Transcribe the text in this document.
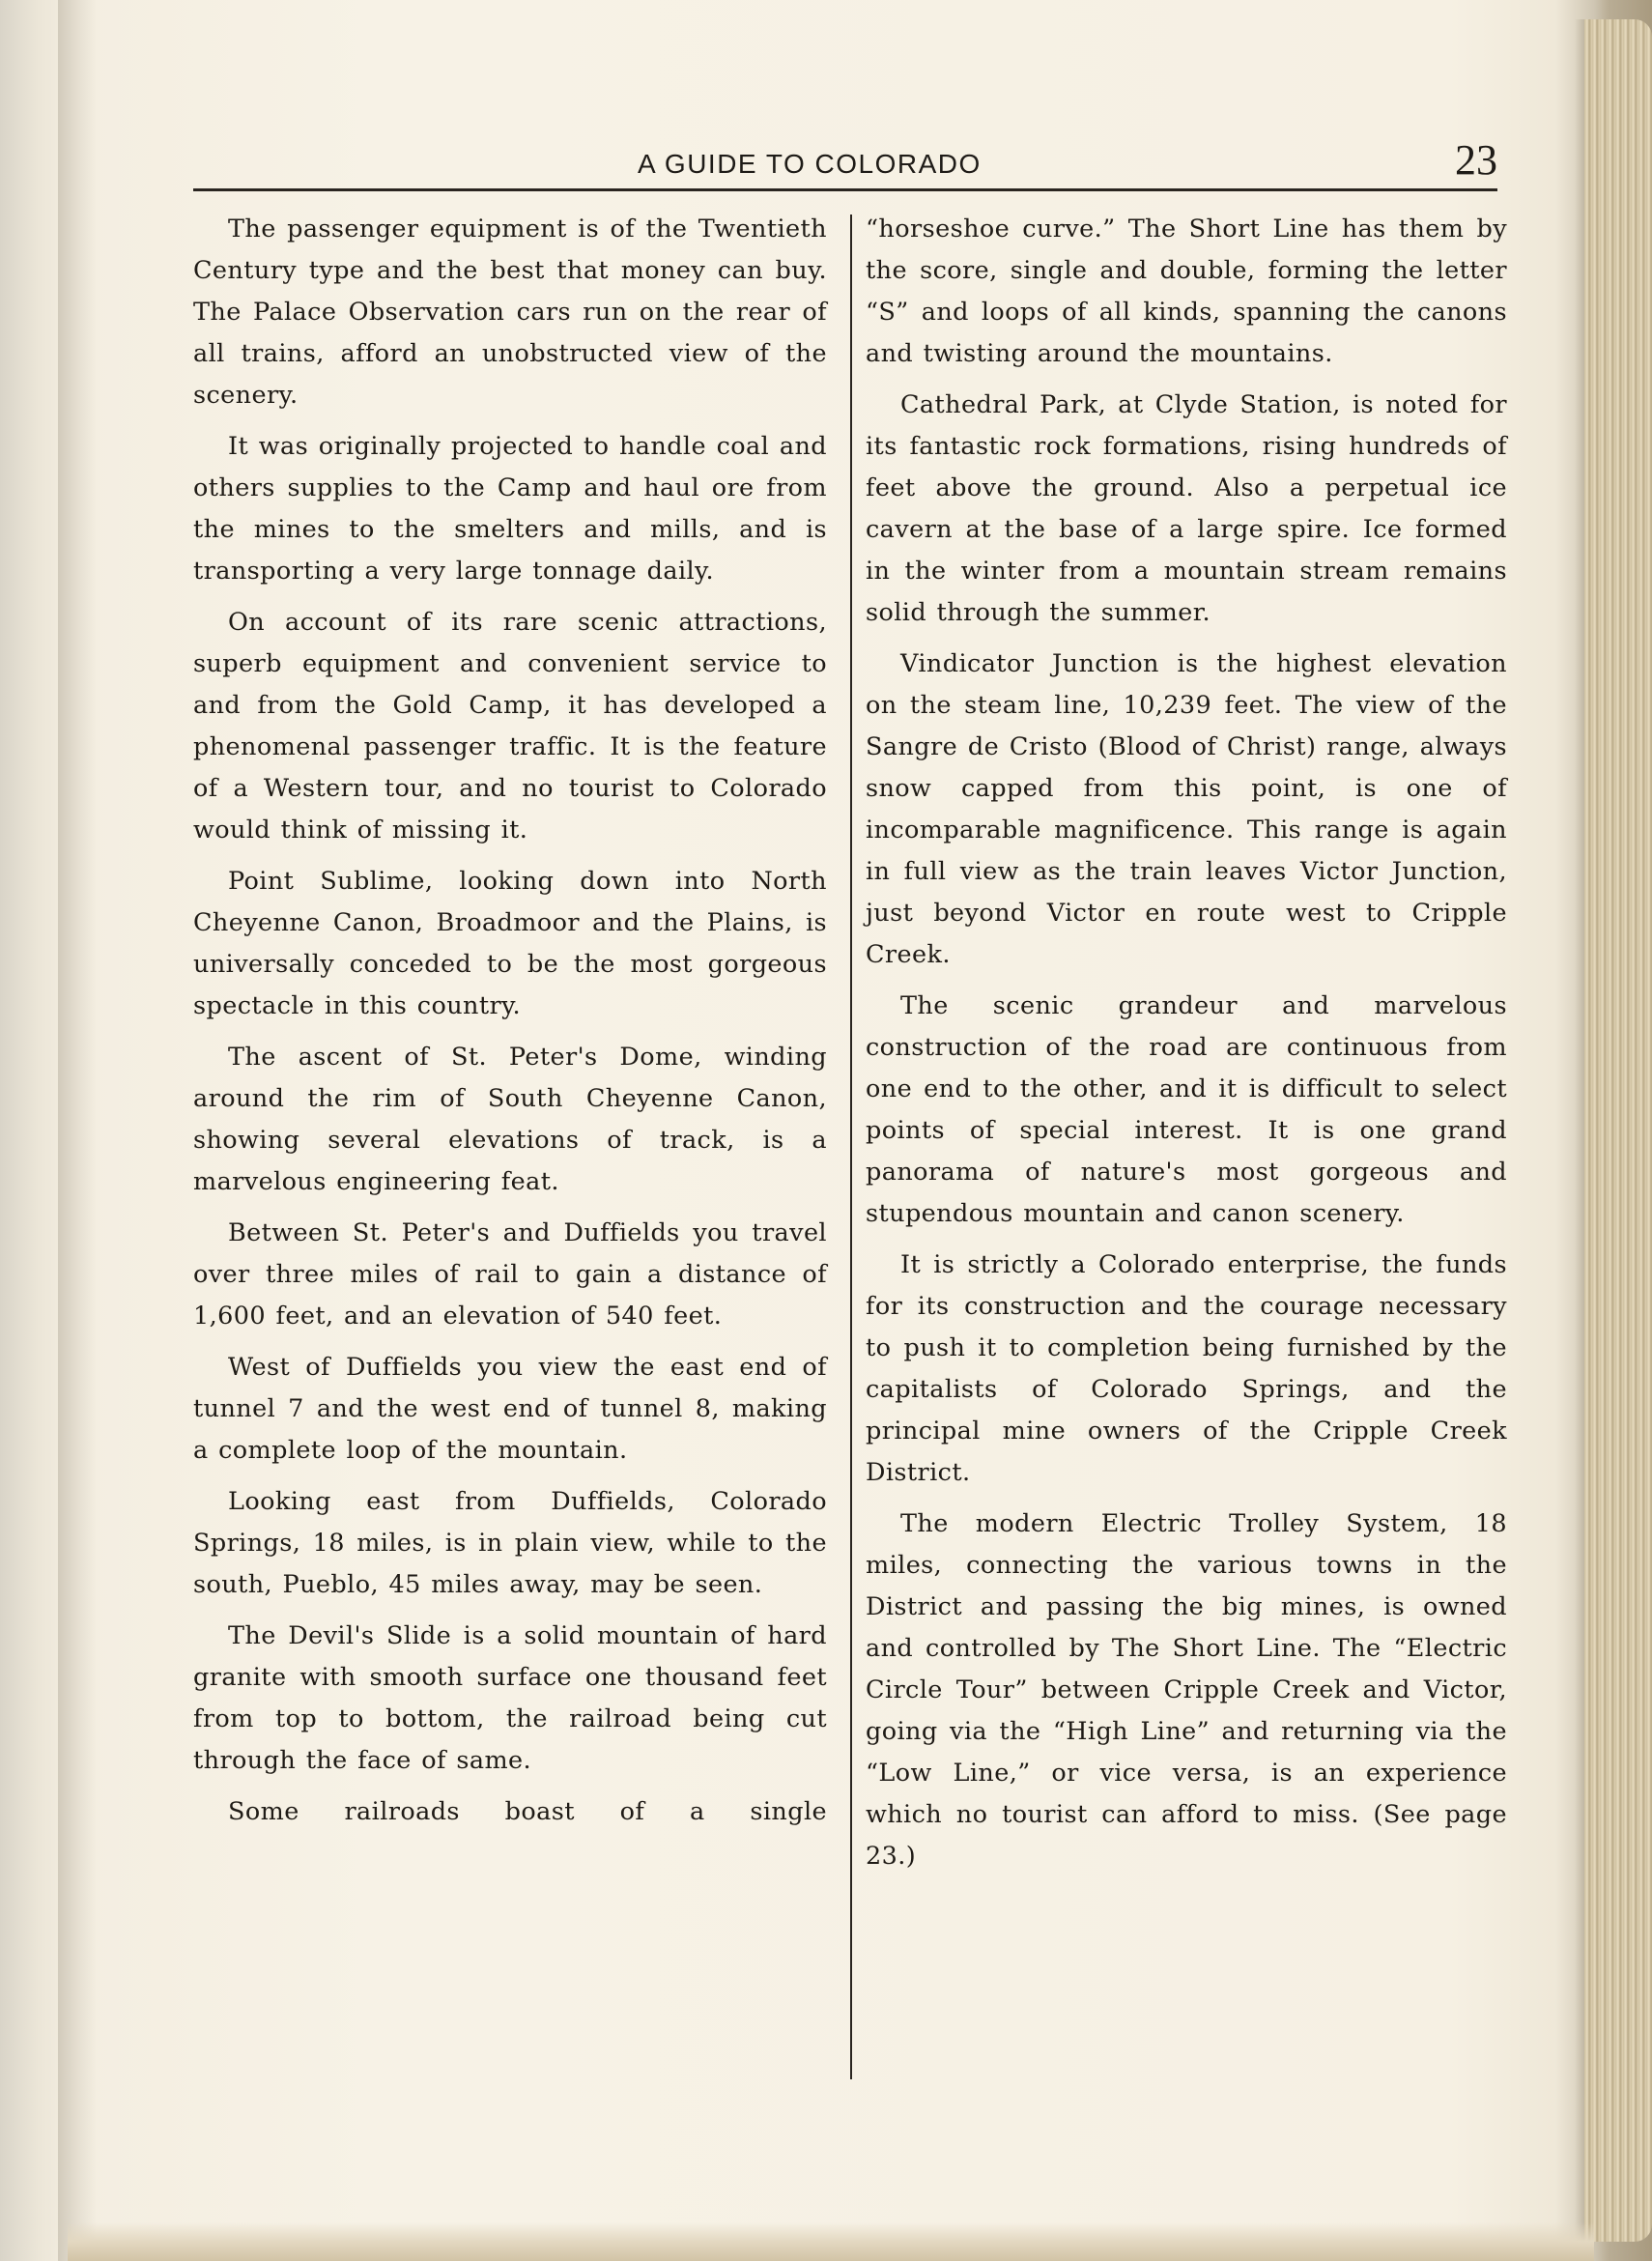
A GUIDE TO COLORADO	23

The passenger equipment is of the Twentieth Century type and the best that money can buy. The Palace Observation cars run on the rear of all trains, afford an unobstructed view of the scenery.

It was originally projected to handle coal and others supplies to the Camp and haul ore from the mines to the smelters and mills, and is transporting a very large tonnage daily.

On account of its rare scenic attractions, superb equipment and convenient service to and from the Gold Camp, it has developed a phenomenal passenger traffic. It is the feature of a Western tour, and no tourist to Colorado would think of missing it.

Point Sublime, looking down into North Cheyenne Canon, Broadmoor and the Plains, is universally conceded to be the most gorgeous spectacle in this country.

The ascent of St. Peter's Dome, winding around the rim of South Cheyenne Canon, showing several elevations of track, is a marvelous engineering feat.

Between St. Peter's and Duffields you travel over three miles of rail to gain a distance of 1,600 feet, and an elevation of 540 feet.

West of Duffields you view the east end of tunnel 7 and the west end of tunnel 8, making a complete loop of the mountain.

Looking east from Duffields, Colorado Springs, 18 miles, is in plain view, while to the south, Pueblo, 45 miles away, may be seen.

The Devil's Slide is a solid mountain of hard granite with smooth surface one thousand feet from top to bottom, the railroad being cut through the face of same.

Some railroads boast of a single

“horseshoe curve.” The Short Line has them by the score, single and double, forming the letter “S” and loops of all kinds, spanning the canons and twisting around the mountains.

Cathedral Park, at Clyde Station, is noted for its fantastic rock formations, rising hundreds of feet above the ground. Also a perpetual ice cavern at the base of a large spire. Ice formed in the winter from a mountain stream remains solid through the summer.

Vindicator Junction is the highest elevation on the steam line, 10,239 feet. The view of the Sangre de Cristo (Blood of Christ) range, always snow capped from this point, is one of incomparable magnificence. This range is again in full view as the train leaves Victor Junction, just beyond Victor en route west to Cripple Creek.

The scenic grandeur and marvelous construction of the road are continuous from one end to the other, and it is difficult to select points of special interest. It is one grand panorama of nature's most gorgeous and stupendous mountain and canon scenery.

It is strictly a Colorado enterprise, the funds for its construction and the courage necessary to push it to completion being furnished by the capitalists of Colorado Springs, and the principal mine owners of the Cripple Creek District.

The modern Electric Trolley System, 18 miles, connecting the various towns in the District and passing the big mines, is owned and controlled by The Short Line. The “Electric Circle Tour” between Cripple Creek and Victor, going via the “High Line” and returning via the “Low Line,” or vice versa, is an experience which no tourist can afford to miss. (See page 23.)
